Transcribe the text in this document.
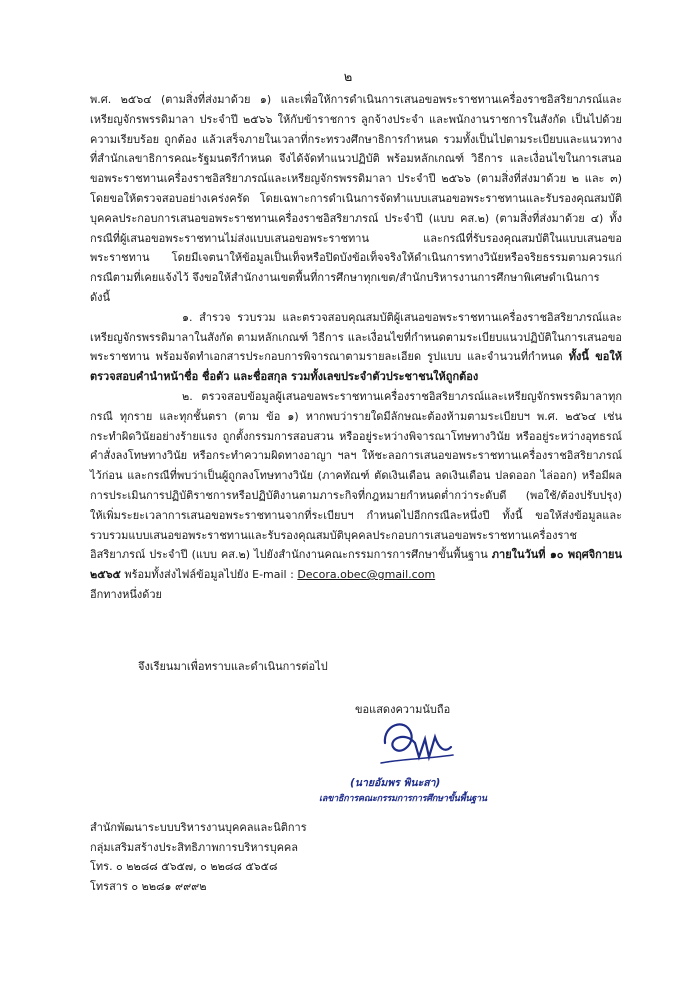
๒

พ.ศ. ๒๕๖๔ (ตามสิ่งที่ส่งมาด้วย ๑) และเพื่อให้การดำเนินการเสนอขอพระราชทานเครื่องราชอิสริยาภรณ์และเหรียญจักรพรรดิมาลา ประจำปี ๒๕๖๖ ให้กับข้าราชการ ลูกจ้างประจำ และพนักงานราชการในสังกัด เป็นไปด้วยความเรียบร้อย ถูกต้อง แล้วเสร็จภายในเวลาที่กระทรวงศึกษาธิการกำหนด รวมทั้งเป็นไปตามระเบียบและแนวทางที่สำนักเลขาธิการคณะรัฐมนตรีกำหนด จึงได้จัดทำแนวปฏิบัติ พร้อมหลักเกณฑ์ วิธีการ และเงื่อนไขในการเสนอขอพระราชทานเครื่องราชอิสริยาภรณ์และเหรียญจักรพรรดิมาลา ประจำปี ๒๕๖๖ (ตามสิ่งที่ส่งมาด้วย ๒ และ ๓) โดยขอให้ตรวจสอบอย่างเคร่งครัด โดยเฉพาะการดำเนินการจัดทำแบบเสนอขอพระราชทานและรับรองคุณสมบัติบุคคลประกอบการเสนอขอพระราชทานเครื่องราชอิสริยาภรณ์ ประจำปี (แบบ คส.๒) (ตามสิ่งที่ส่งมาด้วย ๔) ทั้งกรณีที่ผู้เสนอขอพระราชทานไม่ส่งแบบเสนอขอพระราชทาน และกรณีที่รับรองคุณสมบัติในแบบเสนอขอพระราชทาน โดยมีเจตนาให้ข้อมูลเป็นเท็จหรือปิดบังข้อเท็จจริงให้ดำเนินการทางวินัยหรือจริยธรรมตามควรแก่กรณีตามที่เคยแจ้งไว้ จึงขอให้สำนักงานเขตพื้นที่การศึกษาทุกเขต/สำนักบริหารงานการศึกษาพิเศษดำเนินการ
ดังนี้

๑. สำรวจ รวบรวม และตรวจสอบคุณสมบัติผู้เสนอขอพระราชทานเครื่องราชอิสริยาภรณ์และเหรียญจักรพรรดิมาลาในสังกัด ตามหลักเกณฑ์ วิธีการ และเงื่อนไขที่กำหนดตามระเบียบแนวปฏิบัติในการเสนอขอพระราชทาน พร้อมจัดทำเอกสารประกอบการพิจารณาตามรายละเอียด รูปแบบ และจำนวนที่กำหนด ทั้งนี้ ขอให้ตรวจสอบคำนำหน้าชื่อ ชื่อตัว และชื่อสกุล รวมทั้งเลขประจำตัวประชาชนให้ถูกต้อง

๒. ตรวจสอบข้อมูลผู้เสนอขอพระราชทานเครื่องราชอิสริยาภรณ์และเหรียญจักรพรรดิมาลาทุกกรณี ทุกราย และทุกชั้นตรา (ตาม ข้อ ๑) หากพบว่ารายใดมีลักษณะต้องห้ามตามระเบียบฯ พ.ศ. ๒๕๖๔ เช่น กระทำผิดวินัยอย่างร้ายแรง ถูกตั้งกรรมการสอบสวน หรืออยู่ระหว่างพิจารณาโทษทางวินัย หรืออยู่ระหว่างอุทธรณ์คำสั่งลงโทษทางวินัย หรือกระทำความผิดทางอาญา ฯลฯ ให้ชะลอการเสนอขอพระราชทานเครื่องราชอิสริยาภรณ์ไว้ก่อน และกรณีที่พบว่าเป็นผู้ถูกลงโทษทางวินัย (ภาคทัณฑ์ ตัดเงินเดือน ลดเงินเดือน ปลดออก ไล่ออก) หรือมีผลการประเมินการปฏิบัติราชการหรือปฏิบัติงานตามภาระกิจที่กฎหมายกำหนดต่ำกว่าระดับดี (พอใช้/ต้องปรับปรุง) ให้เพิ่มระยะเวลาการเสนอขอพระราชทานจากที่ระเบียบฯ กำหนดไปอีกกรณีละหนึ่งปี ทั้งนี้ ขอให้ส่งข้อมูลและรวบรวมแบบเสนอขอพระราชทานและรับรองคุณสมบัติบุคคลประกอบการเสนอขอพระราชทานเครื่องราชอิสริยาภรณ์ ประจำปี (แบบ คส.๒) ไปยังสำนักงานคณะกรรมการการศึกษาขั้นพื้นฐาน ภายในวันที่ ๑๐ พฤศจิกายน ๒๕๖๕ พร้อมทั้งส่งไฟล์ข้อมูลไปยัง E-mail : Decora.obec@gmail.com
อีกทางหนึ่งด้วย

จึงเรียนมาเพื่อทราบและดำเนินการต่อไป
ขอแสดงความนับถือ
(นายอัมพร พินะสา)
เลขาธิการคณะกรรมการการศึกษาขั้นพื้นฐาน
สำนักพัฒนาระบบบริหารงานบุคคลและนิติการ
กลุ่มเสริมสร้างประสิทธิภาพการบริหารบุคคล
โทร. ๐ ๒๒๘๘ ๕๖๕๗, ๐ ๒๒๘๘ ๕๖๕๘
โทรสาร ๐ ๒๒๘๑ ๙๙๙๒
